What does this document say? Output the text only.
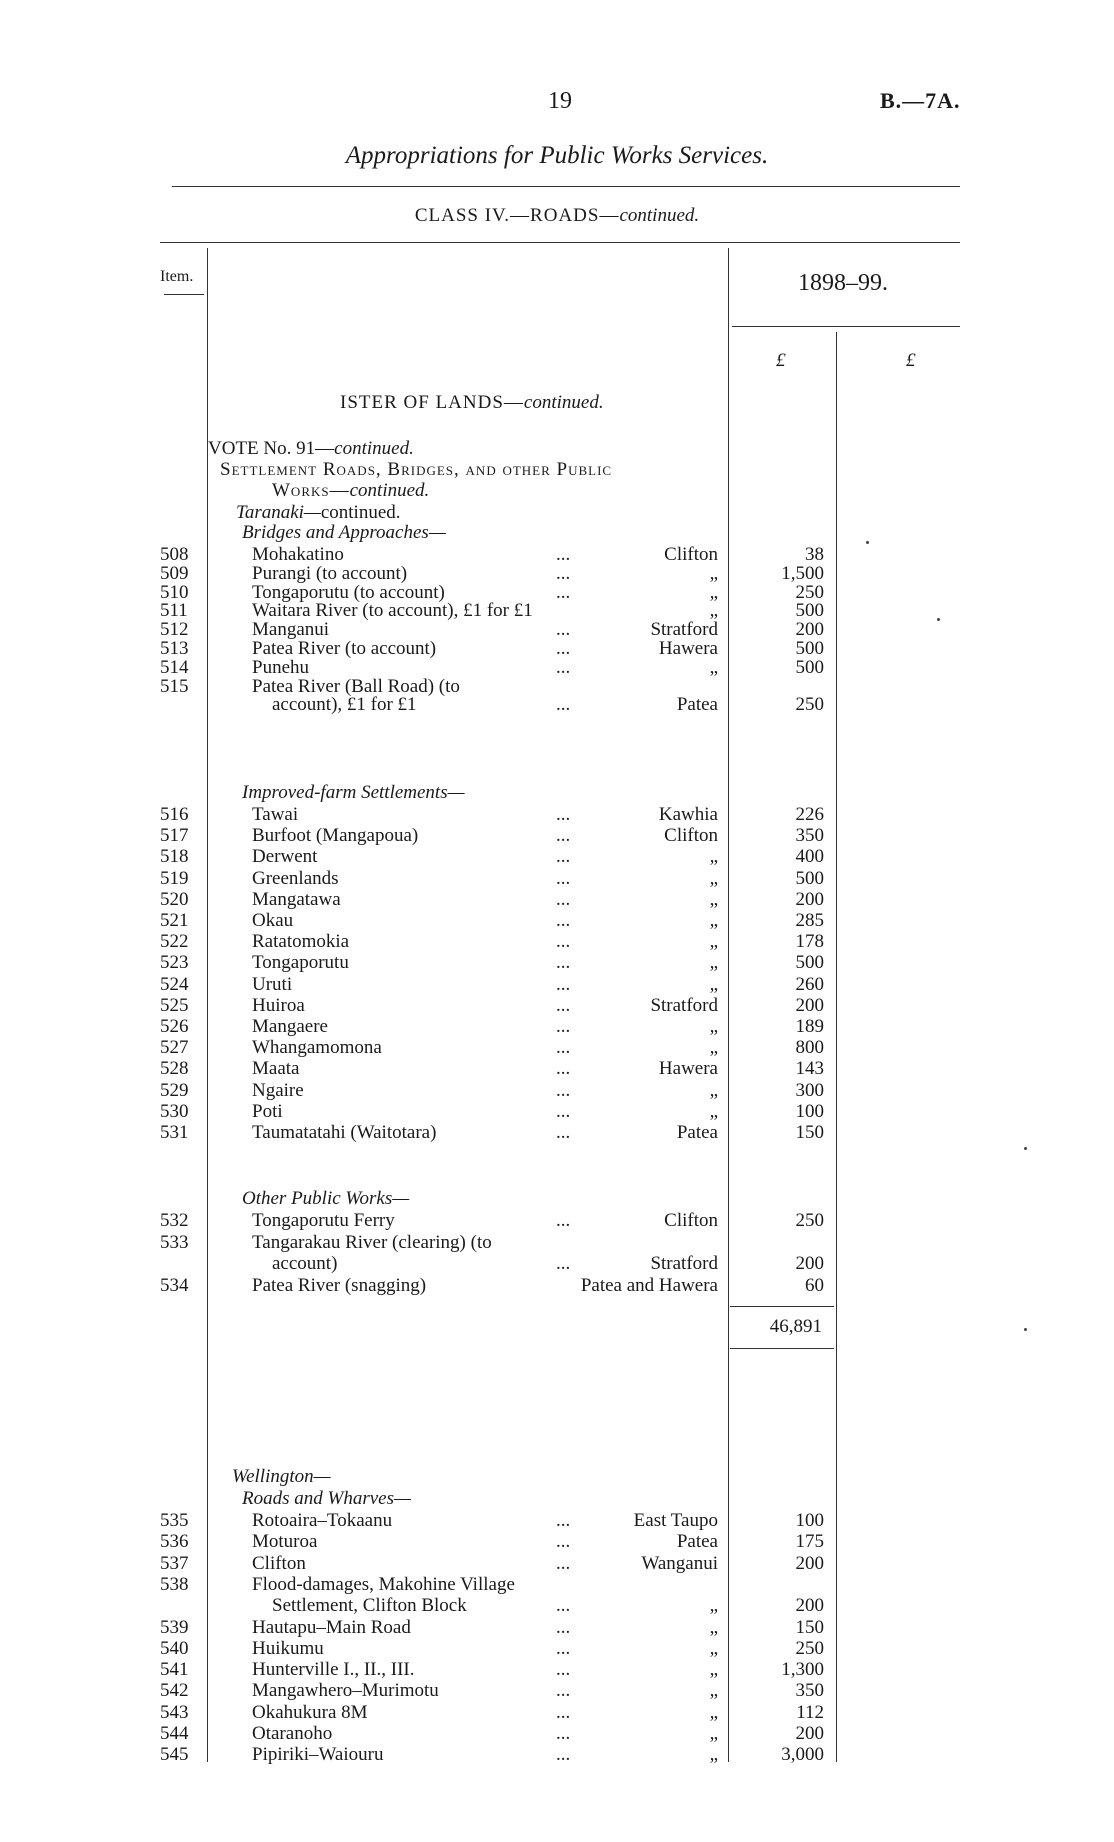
19	B.—7A.
Appropriations for Public Works Services.
CLASS IV.—ROADS—continued.
Item.	1898–99.
£	£
ISTER OF LANDS—continued.
VOTE No. 91—continued.
Settlement Roads, Bridges, and other Public
Works—continued.
Taranaki—continued.
Bridges and Approaches—
Improved-farm Settlements—
Other Public Works—
46,891
Wellington—
Roads and Wharves—
508	Mohakatino	...	Clifton	38
509	Purangi (to account)	...	„	1,500
510	Tongaporutu (to account)	...	„	250
511	Waitara River (to account), £1 for £1	„	500
512	Manganui	...	Stratford	200
513	Patea River (to account)	...	Hawera	500
514	Punehu	...	„	500
515	Patea River (Ball Road) (to
account), £1 for £1	...	Patea	250
516	Tawai	...	Kawhia	226
517	Burfoot (Mangapoua)	...	Clifton	350
518	Derwent	...	„	400
519	Greenlands	...	„	500
520	Mangatawa	...	„	200
521	Okau	...	„	285
522	Ratatomokia	...	„	178
523	Tongaporutu	...	„	500
524	Uruti	...	„	260
525	Huiroa	...	Stratford	200
526	Mangaere	...	„	189
527	Whangamomona	...	„	800
528	Maata	...	Hawera	143
529	Ngaire	...	„	300
530	Poti	...	„	100
531	Taumatatahi (Waitotara)	...	Patea	150
532	Tongaporutu Ferry	...	Clifton	250
533	Tangarakau River (clearing) (to
account)	...	Stratford	200
534	Patea River (snagging)	Patea and Hawera	60
535	Rotoaira–Tokaanu	...	East Taupo	100
536	Moturoa	...	Patea	175
537	Clifton	...	Wanganui	200
538	Flood-damages, Makohine Village
Settlement, Clifton Block	...	„	200
539	Hautapu–Main Road	...	„	150
540	Huikumu	...	„	250
541	Hunterville I., II., III.	...	„	1,300
542	Mangawhero–Murimotu	...	„	350
543	Okahukura 8M	...	„	112
544	Otaranoho	...	„	200
545	Pipiriki–Waiouru	...	„	3,000
